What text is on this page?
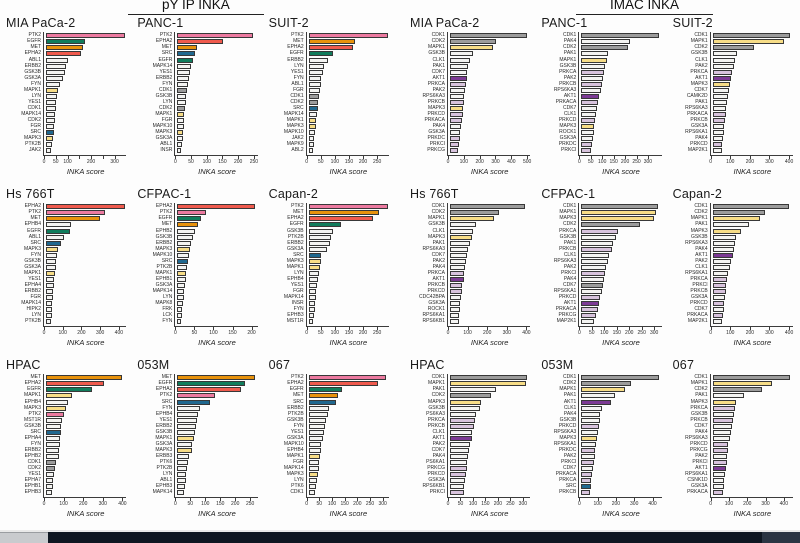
pY IP INKA	IMAC INKA
MIA PaCa-2
PTK2
EGFR
MET
EPHA2
ABL1
ERBB2
GSK3B
GSK3A
FYN
MAPK1
LYN
YES1
CDK1
MAPK14
CDK2
FGR
SRC
MAPK3
PTK2B
JAK2
0 50 100	200	300
INKA score
PANC-1
PTK2
EPHA2
MET
SRC
EGFR
MAPK14
YES1
ERBB2
FYN
CDK1
GSK3B
LYN
CDK2
MAPK1
FGR
MAPK10
MAPK3
GSK3A
ABL1
INSR
0 50 100 150 200 250
INKA score
SUIT-2
PTK2
MET
EPHA2
EGFR
ERBB2
LYN
YES1
FYN
ABL1
FGR
CDK1
CDK2
SRC
MAPK14
MAPK1
MAPK3
MAPK10
JAK2
MAPK9
ABL2
0 50 100 150 200 250
INKA score
Hs 766T
EPHA2
PTK2
MET
EPHB4
EGFR
ABL1
SRC
MAPK3
FYN
GSK3B
GSK3A
MAPK1
YES1
EPHA4
ERBB2
FGR
MAPK14
HIPK2
LYN
PTK2B
0	100 200 300 400
INKA score
CFPAC-1
EPHA2
PTK2
EGFR
MET
EPHB2
GSK3B
ERBB2
MAPK3
MAPK10
SRC
PTK2B
MAPK1
EPHB1
GSK3A
MAPK14
LYN
MAPK8
FRK
LCK
FYN
0	50 100 150 200
INKA score
Capan-2
PTK2
MET
EPHA2
EGFR
GSK3B
PTK2B
ERBB2
GSK3A
SRC
MAPK3
MAPK1
LYN
EPHB4
YES1
FGR
MAPK14
INSR
FYN
EPHB3
MST1R
0 50 100 150 200 250
INKA score
HPAC
MET
EPHA2
EGFR
MAPK1
EPHB4
MAPK3
PTK2
MST1R
GSK3B
SRC
EPHA4
FYN
ERBB2
EPHB2
CDK1
CDK2
YES1
EPHA7
EPHB1
EPHB3
0	100 200 300 400
INKA score
053M
MET
EGFR
EPHA2
PTK2
SRC
FYN
EPHB4
YES1
ERBB2
GSK3B
MAPK1
GSK3A
MAPK3
ERBB3
PTK6
PTK2B
LYN
ABL1
EPHB3
MAPK14
0 50 100 150 200 250
INKA score
067
PTK2
EPHA2
EGFR
MET
SRC
ERBB2
PTK2B
GSK3B
FYN
YES1
GSK3A
MAPK10
EPHB4
MAPK1
FGR
MAPK14
MAPK3
LYN
PTK6
CDK1
0 50 100 150 200 250 300
INKA score
MIA PaCa-2
CDK1
CDK2
MAPK1
GSK3B
CLK1
PAK1
CDK7
AKT1
PRKCA
PAK2
RPS6KA3
PRKCB
MAPK3
PRKCD
PRKACA
PAK4
GSK3A
PRKDC
PRKCI
PRKCG
0 100 200 300 400 500
INKA score
PANC-1
CDK1
PAK4
CDK2
PAK1
MAPK1
GSK3B
PRKCA
PAK2
PRKCB
RPS6KA3
AKT1
PRKACA
CDK7
CLK1
PRKCD
MAPK3
ROCK1
GSK3A
PRKDC
PRKCI
0 50 100 150 200 250 300
INKA score
SUIT-2
CDK1
MAPK1
CDK2
GSK3B
CLK1
PAK2
PRKCA
AKT1
MAPK3
CDK7
CAMK2D
PAK1
RPS6KA3
PRKACA
PRKCB
GSK3A
RPS6KA1
PAK4
PRKCD
MAP2K1
0	100 200 300 400
INKA score
Hs 766T
CDK1
CDK2
MAPK1
GSK3B
CLK1
MAPK3
PAK1
RPS6KA3
CDK7
PAK2
PAK4
PRKCA
AKT1
PRKCB
PRKCD
CDC42BPA
GSK3A
ROCK1
RPS6KA1
RPS6KB1
0	100 200 300 400
INKA score
CFPAC-1
CDK1
MAPK1
MAPK3
CDK2
PRKCA
GSK3B
PAK1
PRKCB
CLK1
RPS6KA3
PAK2
PRKCI
PAK4
CDK7
RPS6KA1
PRKCD
AKT1
PRKACA
PRKCG
MAP2K1
0 50 100 150 200 250 300
INKA score
Capan-2
CDK1
CDK2
MAPK1
PAK1
MAPK3
GSK3B
RPS6KA3
PAK4
AKT1
PAK2
CLK1
RPS6KA1
PRKCA
PRKCI
PRKCB
GSK3A
PRKCD
CDK7
PRKACA
MAP2K1
0	100 200 300 400
INKA score
HPAC
CDK1
MAPK1
PAK1
CDK2
MAPK3
GSK3B
PS6KA3
PRKCA
PRKCB
CLK1
AKT1
PAK2
CDK7
PAK4
PS6KA1
PRKCG
PRKCD
GSK3A
RPS6KB1
PRKCI
0 50 100 150 200 250 300
INKA score
053M
CDK1
CDK2
MAPK1
PAK1
AKT1
CLK1
PAK4
GSK3B
PRKCD
RPS6KA3
MAPK3
RPS6KA1
PRKDC
PAK2
PRKCI
CDK7
PRKACA
PRKCA
SRC
PRKCB
0	100 200 300 400
INKA score
067
CDK1
MAPK1
CDK2
PAK1
MAPK3
PRKCA
GSK3B
PRKCB
CDK7
PAK4
RPS6KA3
PRKCD
PRKCG
PAK2
PRKCI
AKT1
RPS6KA1
CSNK1D
GSK3A
PRKACA
0	100 200 300 400
INKA score
